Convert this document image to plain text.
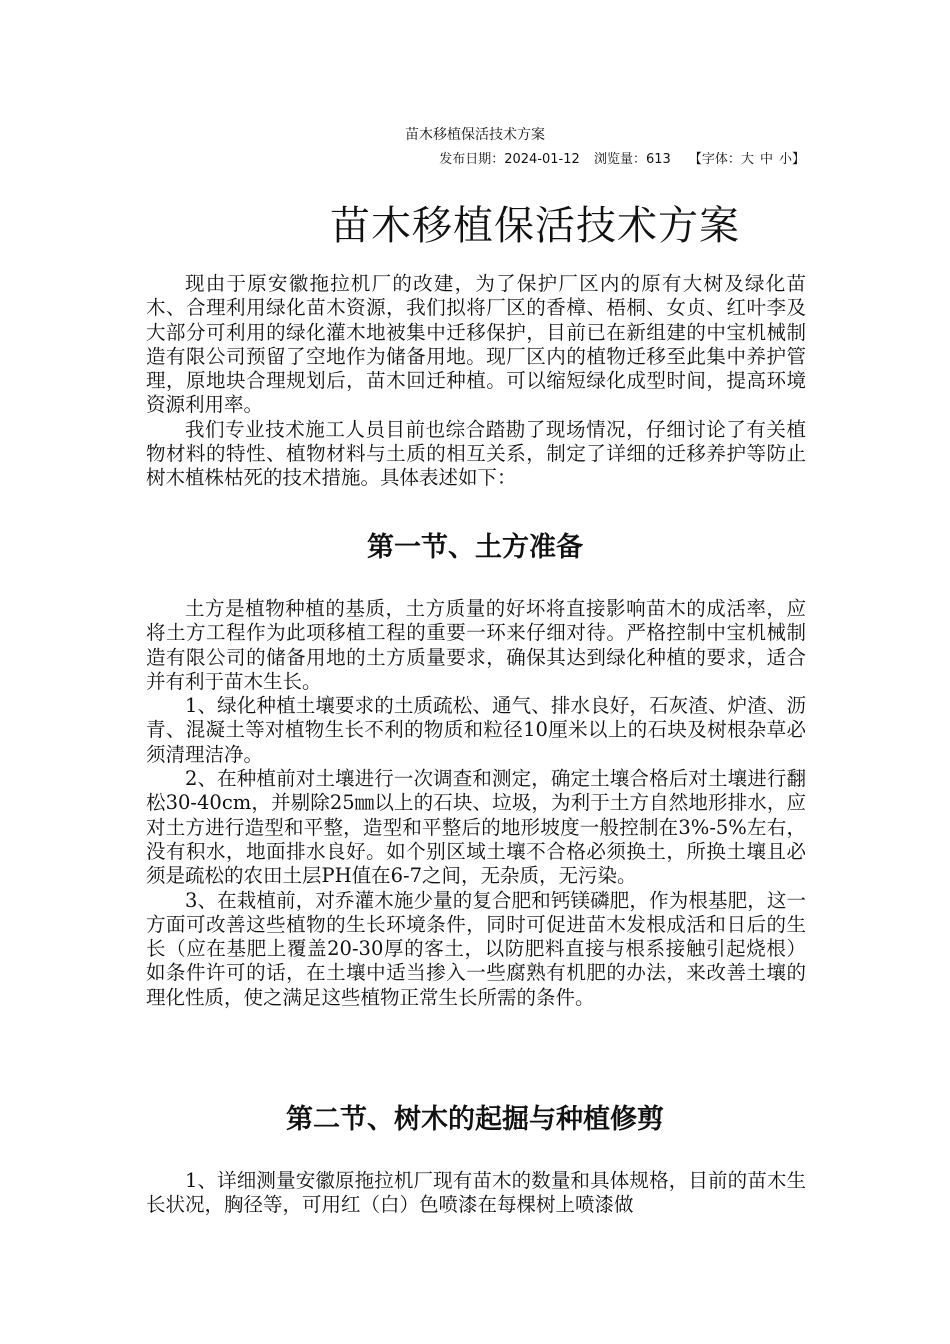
苗木移植保活技术方案
发布日期：2024-01-12 浏览量：613 【字体：大 中 小】
苗木移植保活技术方案

现由于原安徽拖拉机厂的改建，为了保护厂区内的原有大树及绿化苗木、合理利用绿化苗木资源，我们拟将厂区的香樟、梧桐、女贞、红叶李及大部分可利用的绿化灌木地被集中迁移保护，目前已在新组建的中宝机械制造有限公司预留了空地作为储备用地。现厂区内的植物迁移至此集中养护管理，原地块合理规划后，苗木回迁种植。可以缩短绿化成型时间，提高环境资源利用率。

我们专业技术施工人员目前也综合踏勘了现场情况，仔细讨论了有关植物材料的特性、植物材料与土质的相互关系，制定了详细的迁移养护等防止树木植株枯死的技术措施。具体表述如下：

第一节、土方准备

土方是植物种植的基质，土方质量的好坏将直接影响苗木的成活率，应将土方工程作为此项移植工程的重要一环来仔细对待。严格控制中宝机械制造有限公司的储备用地的土方质量要求，确保其达到绿化种植的要求，适合并有利于苗木生长。

1、绿化种植土壤要求的土质疏松、通气、排水良好，石灰渣、炉渣、沥青、混凝土等对植物生长不利的物质和粒径10厘米以上的石块及树根杂草必须清理洁净。

2、在种植前对土壤进行一次调查和测定，确定土壤合格后对土壤进行翻松30-40cm，并剔除25㎜以上的石块、垃圾，为利于土方自然地形排水，应对土方进行造型和平整，造型和平整后的地形坡度一般控制在3%-5%左右，没有积水，地面排水良好。如个别区域土壤不合格必须换土，所换土壤且必须是疏松的农田土层PH值在6-7之间，无杂质，无污染。

3、在栽植前，对乔灌木施少量的复合肥和钙镁磷肥，作为根基肥，这一方面可改善这些植物的生长环境条件，同时可促进苗木发根成活和日后的生长（应在基肥上覆盖20-30厚的客土，以防肥料直接与根系接触引起烧根）如条件许可的话，在土壤中适当掺入一些腐熟有机肥的办法，来改善土壤的理化性质，使之满足这些植物正常生长所需的条件。

第二节、树木的起掘与种植修剪

1、详细测量安徽原拖拉机厂现有苗木的数量和具体规格，目前的苗木生长状况，胸径等，可用红（白）色喷漆在每棵树上喷漆做
